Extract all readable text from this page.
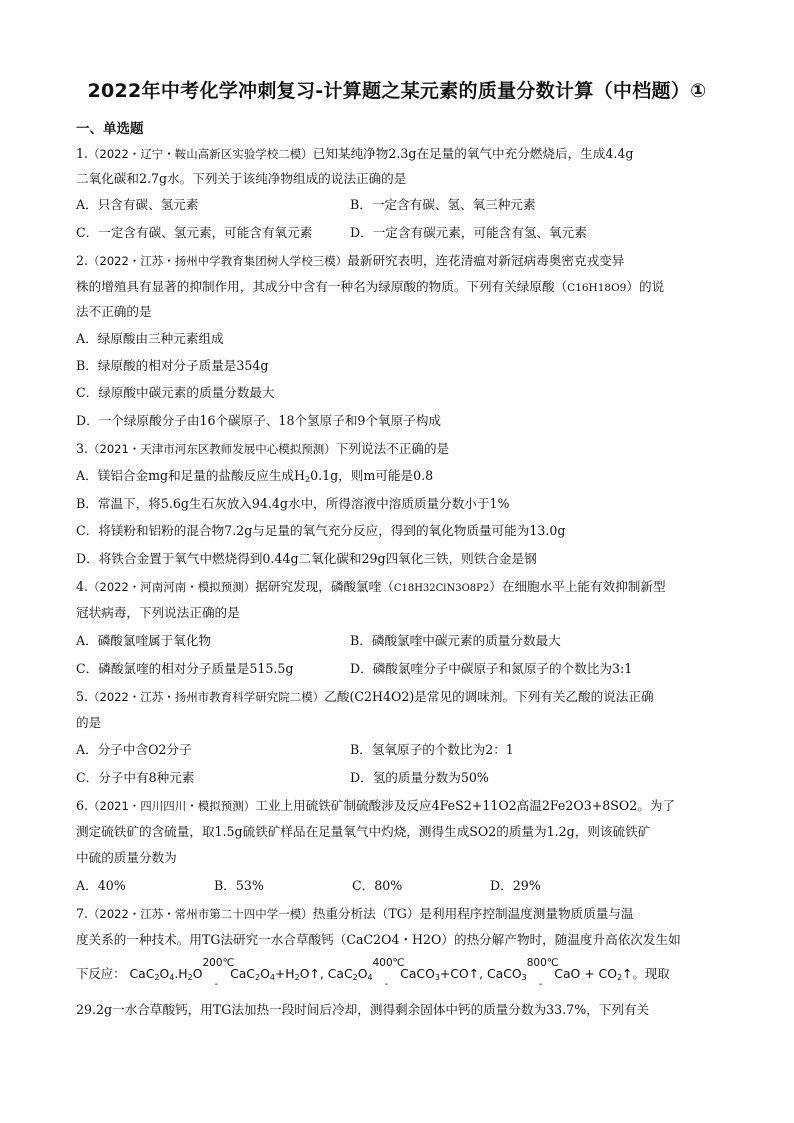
2022年中考化学冲刺复习-计算题之某元素的质量分数计算（中档题）①
一、单选题
1.（2022・辽宁・鞍山高新区实验学校二模）已知某纯净物2.3g在足量的氧气中充分燃烧后，生成4.4g
二氧化碳和2.7g水。下列关于该纯净物组成的说法正确的是
A．只含有碳、氢元素	B．一定含有碳、氢、氧三种元素
C．一定含有碳、氢元素，可能含有氧元素	D．一定含有碳元素，可能含有氢、氧元素
2.（2022・江苏・扬州中学教育集团树人学校三模）最新研究表明，连花清瘟对新冠病毒奥密克戎变异
株的增殖具有显著的抑制作用，其成分中含有一种名为绿原酸的物质。下列有关绿原酸（C16H18O9）的说
法不正确的是
A．绿原酸由三种元素组成
B．绿原酸的相对分子质量是354g
C．绿原酸中碳元素的质量分数最大
D．一个绿原酸分子由16个碳原子、18个氢原子和9个氧原子构成
3.（2021・天津市河东区教师发展中心模拟预测）下列说法不正确的是
A．镁铝合金mg和足量的盐酸反应生成$H_20.1g$，则m可能是0.8
B．常温下，将5.6g生石灰放入94.4g水中，所得溶液中溶质质量分数小于1%
C．将镁粉和铝粉的混合物7.2g与足量的氧气充分反应，得到的氧化物质量可能为13.0g
D．将铁合金置于氧气中燃烧得到0.44g二氧化碳和29g四氧化三铁，则铁合金是钢
4.（2022・河南河南・模拟预测）据研究发现，磷酸氯喹（C18H32ClN3O8P2）在细胞水平上能有效抑制新型
冠状病毒，下列说法正确的是
A．磷酸氯喹属于氧化物	B．磷酸氯喹中碳元素的质量分数最大
C．磷酸氯喹的相对分子质量是515.5g	D．磷酸氯喹分子中碳原子和氮原子的个数比为3:1
5.（2022・江苏・扬州市教育科学研究院二模）乙酸(C2H4O2)是常见的调味剂。下列有关乙酸的说法正确
的是
A．分子中含O2分子	B．氢氧原子的个数比为2：1
C．分子中有8种元素	D．氢的质量分数为50%
6.（2021・四川四川・模拟预测）工业上用硫铁矿制硫酸涉及反应4FeS2+11O2高温2Fe2O3+8SO2。为了
测定硫铁矿的含硫量，取1.5g硫铁矿样品在足量氧气中灼烧，测得生成SO2的质量为1.2g，则该硫铁矿
中硫的质量分数为
A．40%	B．53%	C．80%	D．29%
7.（2022・江苏・常州市第二十四中学一模）热重分析法（TG）是利用程序控制温度测量物质质量与温
度关系的一种技术。用TG法研究一水合草酸钙（CaC2O4・H2O）的热分解产物时，随温度升高依次发生如
下反应： $CaC_2O_4.H_2O$
200℃
-
$CaC_2O_4+H_2O↑$, $CaC_2O_4$
400℃
-
CaCO$_3$+CO↑, CaCO$_3$
800℃
-
CaO + $CO_2↑$。现取
29.2g一水合草酸钙，用TG法加热一段时间后冷却，测得剩余固体中钙的质量分数为33.7%，下列有关
